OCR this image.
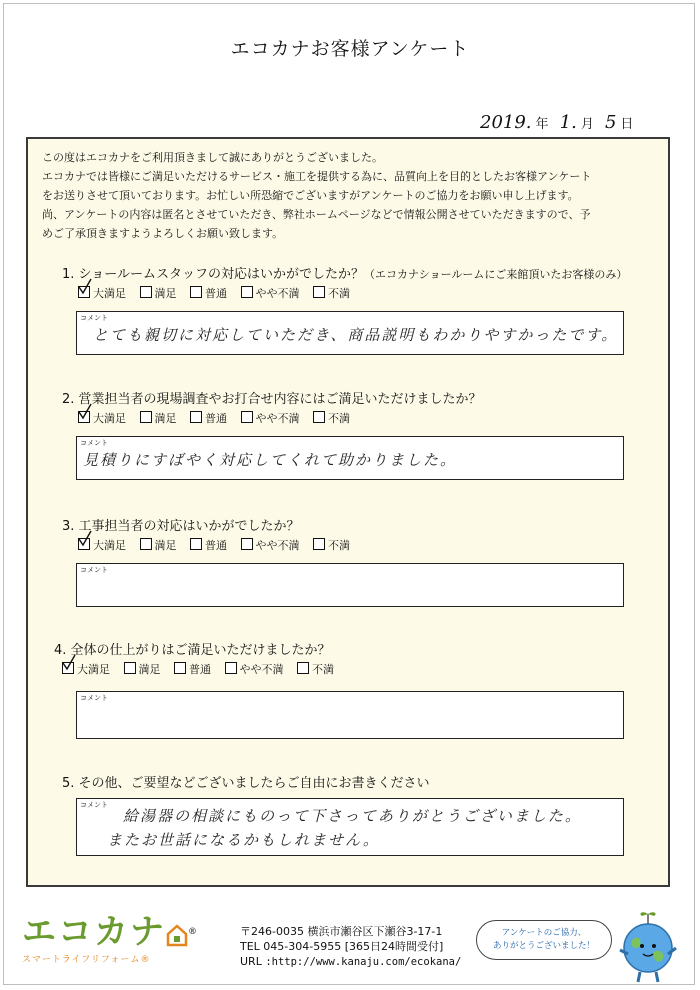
エコカナお客様アンケート
2019. 年 1. 月 5 日
この度はエコカナをご利用頂きまして誠にありがとうございました。
エコカナでは皆様にご満足いただけるサービス・施工を提供する為に、品質向上を目的としたお客様アンケート
をお送りさせて頂いております。お忙しい所恐縮でございますがアンケートのご協力をお願い申し上げます。
尚、アンケートの内容は匿名とさせていただき、弊社ホームページなどで情報公開させていただきますので、予
めご了承頂きますようよろしくお願い致します。
1. ショールームスタッフの対応はいかがでしたか？（エコカナショールームにご来館頂いたお客様のみ）
大満足	満足	普通	やや不満	不満
コメント
とても親切に対応していただき、商品説明もわかりやすかったです。
2. 営業担当者の現場調査やお打合せ内容にはご満足いただけましたか？
大満足	満足	普通	やや不満	不満
コメント
見積りにすばやく対応してくれて助かりました。
3. 工事担当者の対応はいかがでしたか？
大満足	満足	普通	やや不満	不満
コメント
4. 全体の仕上がりはご満足いただけましたか？
大満足	満足	普通	やや不満	不満
コメント
5. その他、ご要望などございましたらご自由にお書きください
コメント
給湯器の相談にものって下さってありがとうございました。
またお世話になるかもしれません。
エコカナ ®
スマートライフリフォーム®
〒246-0035 横浜市瀬谷区下瀬谷3-17-1
TEL 045-304-5955 [365日24時間受付]
URL :http://www.kanaju.com/ecokana/
アンケートのご協力、
ありがとうございました！
